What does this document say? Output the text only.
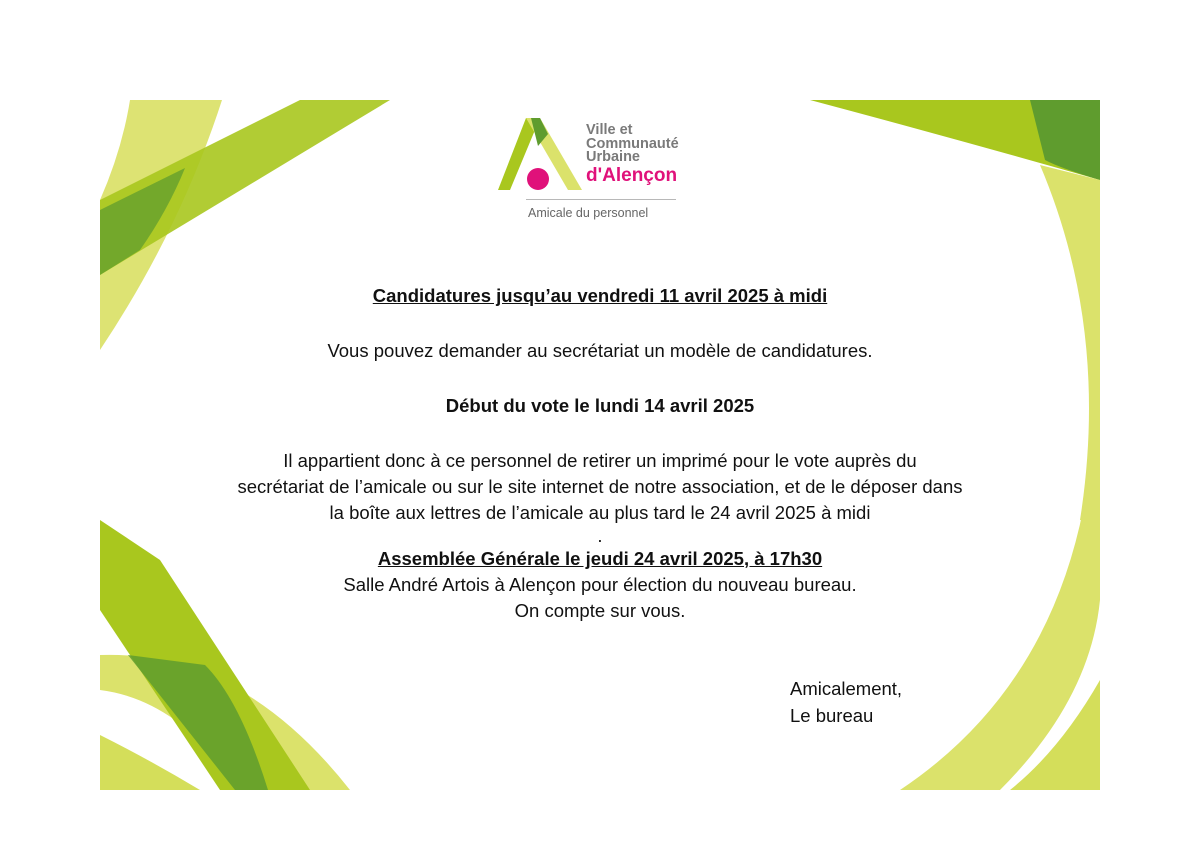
Ville et
Communauté
Urbaine
d'Alençon
Amicale du personnel

Candidatures jusqu’au vendredi 11 avril 2025 à midi

Vous pouvez demander au secrétariat un modèle de candidatures.

Début du vote le lundi 14 avril 2025

Il appartient donc à ce personnel de retirer un imprimé pour le vote auprès du

secrétariat de l’amicale ou sur le site internet de notre association, et de le déposer dans

la boîte aux lettres de l’amicale au plus tard le 24 avril 2025 à midi

.

Assemblée Générale le jeudi 24 avril 2025, à 17h30

Salle André Artois à Alençon pour élection du nouveau bureau.

On compte sur vous.

Amicalement,
Le bureau
